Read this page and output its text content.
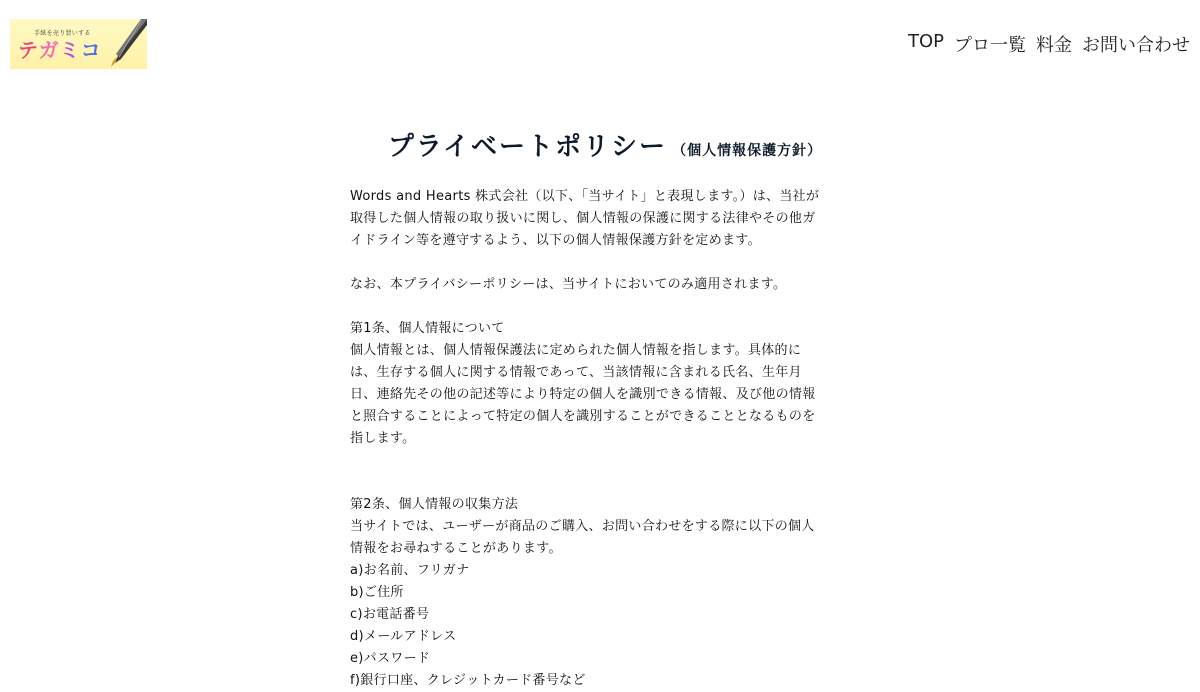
手紙を売り買いする
テガミコ	TOP プロ一覧 料金 お問い合わせ
プライベートポリシー （個人情報保護方針）
Words and Hearts 株式会社（以下、「当サイト」と表現します。）は、当社が
取得した個人情報の取り扱いに関し、個人情報の保護に関する法律やその他ガ
イドライン等を遵守するよう、以下の個人情報保護方針を定めます。
なお、本プライバシーポリシーは、当サイトにおいてのみ適用されます。
第1条、個人情報について
個人情報とは、個人情報保護法に定められた個人情報を指します。具体的に
は、生存する個人に関する情報であって、当該情報に含まれる氏名、生年月
日、連絡先その他の記述等により特定の個人を識別できる情報、及び他の情報
と照合することによって特定の個人を識別することができることとなるものを
指します。
第2条、個人情報の収集方法
当サイトでは、ユーザーが商品のご購入、お問い合わせをする際に以下の個人
情報をお尋ねすることがあります。
a)お名前、フリガナ
b)ご住所
c)お電話番号
d)メールアドレス
e)パスワード
f)銀行口座、クレジットカード番号など
